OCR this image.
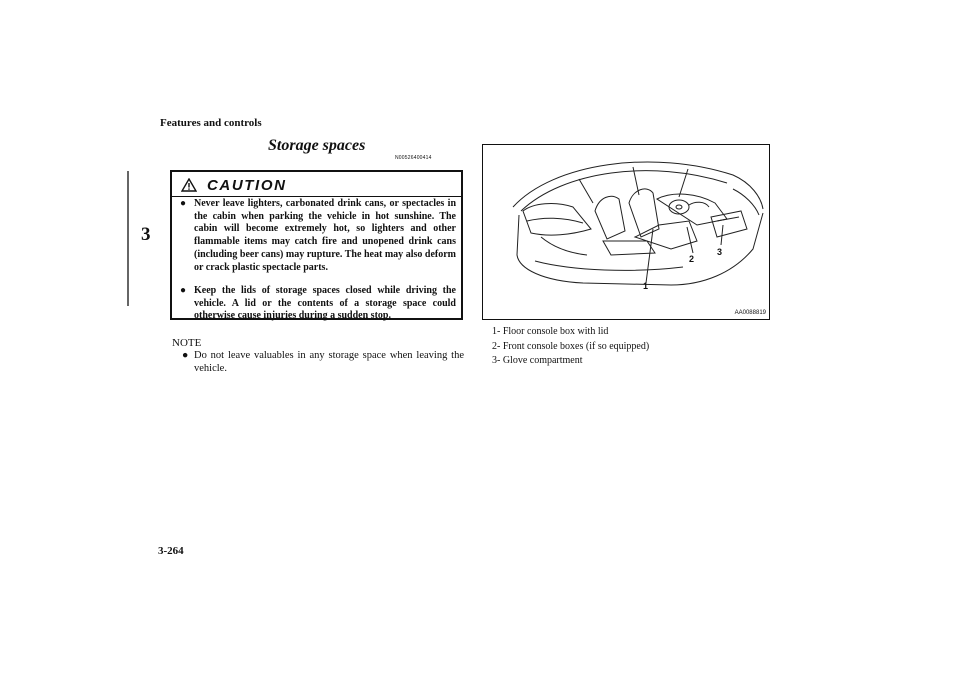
Features and controls
3
Storage spaces
N00526400414
CAUTION
● Never leave lighters, carbonated drink cans, or spectacles in the cabin when parking the vehicle in hot sunshine. The cabin will become extremely hot, so lighters and other flammable items may catch fire and unopened drink cans (including beer cans) may rupture. The heat may also deform or crack plastic spectacle parts.
● Keep the lids of storage spaces closed while driving the vehicle. A lid or the contents of a storage space could otherwise cause injuries during a sudden stop.
NOTE
● Do not leave valuables in any storage space when leaving the vehicle.
1
2
3
AA0088819
1- Floor console box with lid
2- Front console boxes (if so equipped)
3- Glove compartment
3-264
